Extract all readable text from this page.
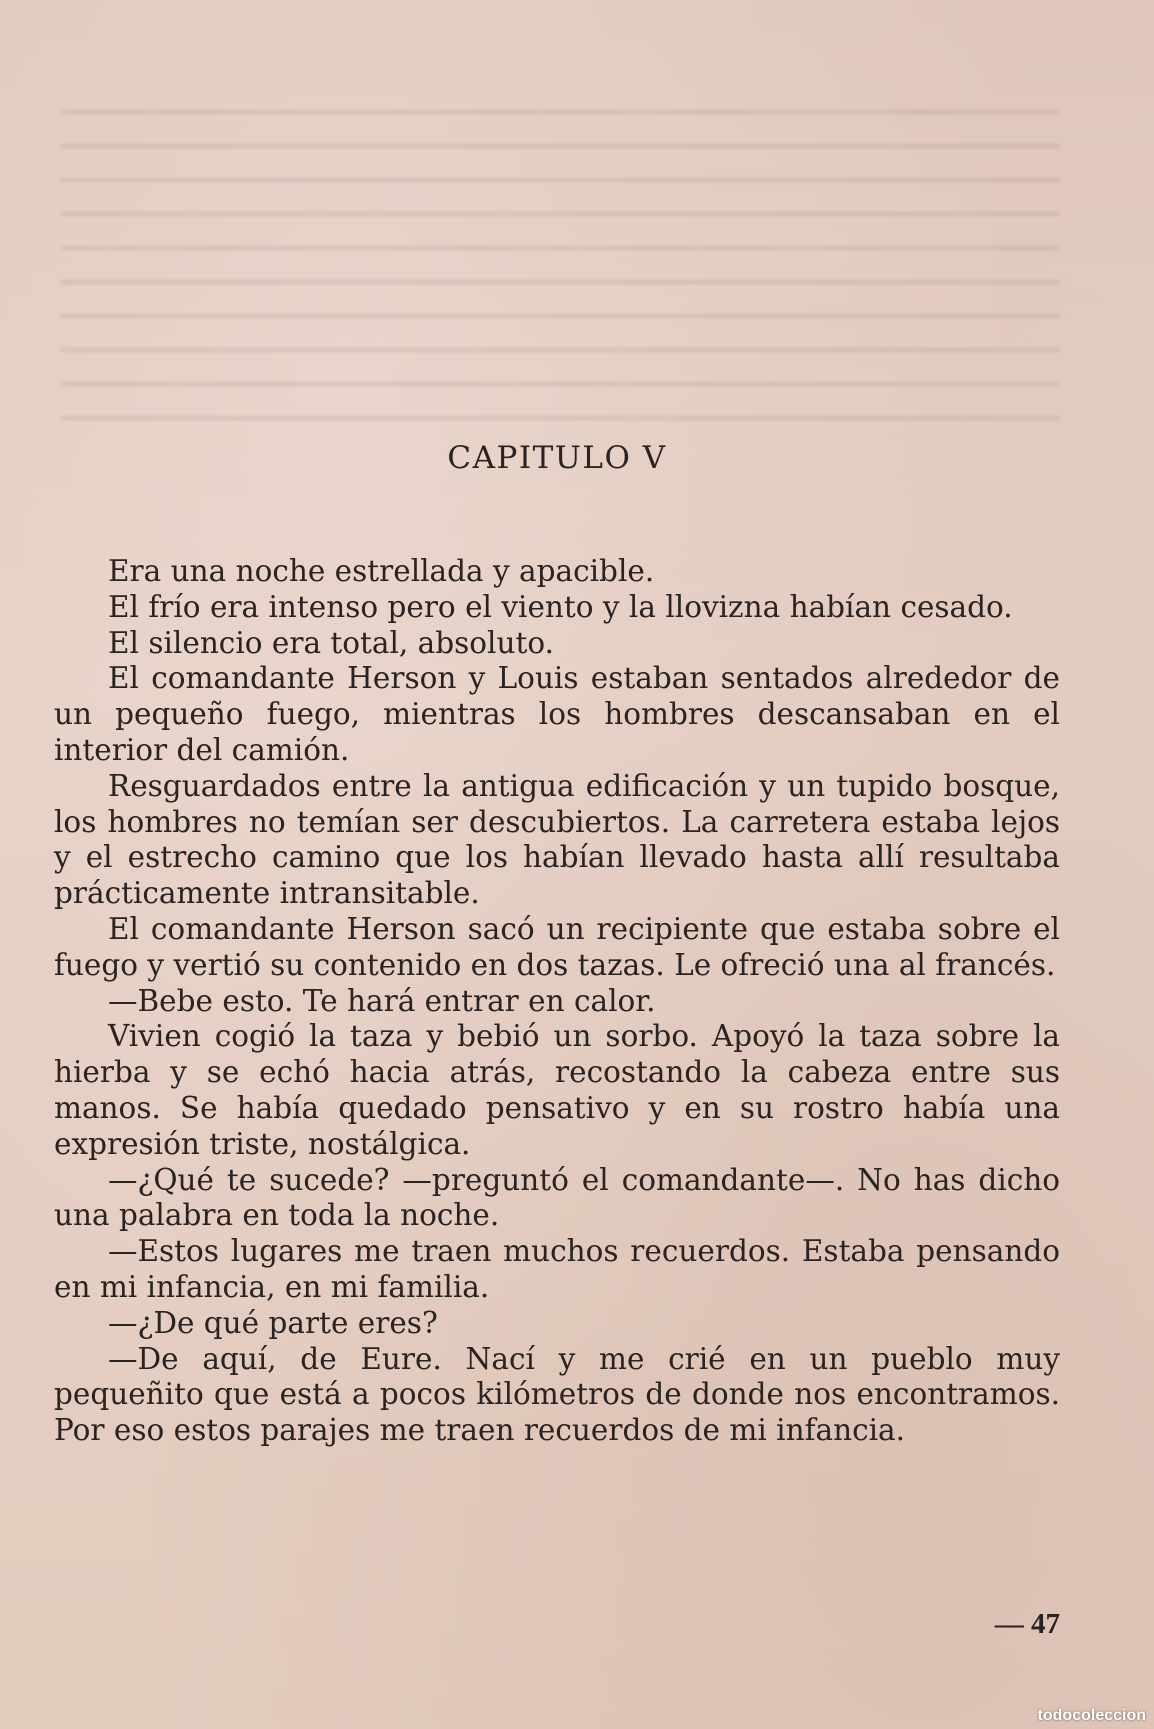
CAPITULO V

Era una noche estrellada y apacible.

El frío era intenso pero el viento y la llovizna habían cesado.

El silencio era total, absoluto.

El comandante Herson y Louis estaban sentados alrededor de un pequeño fuego, mientras los hombres descansaban en el interior del camión.

Resguardados entre la antigua edificación y un tupido bosque, los hombres no temían ser descubiertos. La carretera estaba lejos y el estrecho camino que los habían llevado hasta allí resultaba prácticamente intransitable.

El comandante Herson sacó un recipiente que estaba sobre el fuego y vertió su contenido en dos tazas. Le ofreció una al francés.

—Bebe esto. Te hará entrar en calor.

Vivien cogió la taza y bebió un sorbo. Apoyó la taza sobre la hierba y se echó hacia atrás, recostando la cabeza entre sus manos. Se había quedado pensativo y en su rostro había una expresión triste, nostálgica.

—¿Qué te sucede? —preguntó el comandante—. No has dicho una palabra en toda la noche.

—Estos lugares me traen muchos recuerdos. Estaba pensando en mi infancia, en mi familia.

—¿De qué parte eres?

—De aquí, de Eure. Nací y me crié en un pueblo muy pequeñito que está a pocos kilómetros de donde nos encontramos. Por eso estos parajes me traen recuerdos de mi infancia.

— 47
todocoleccion
